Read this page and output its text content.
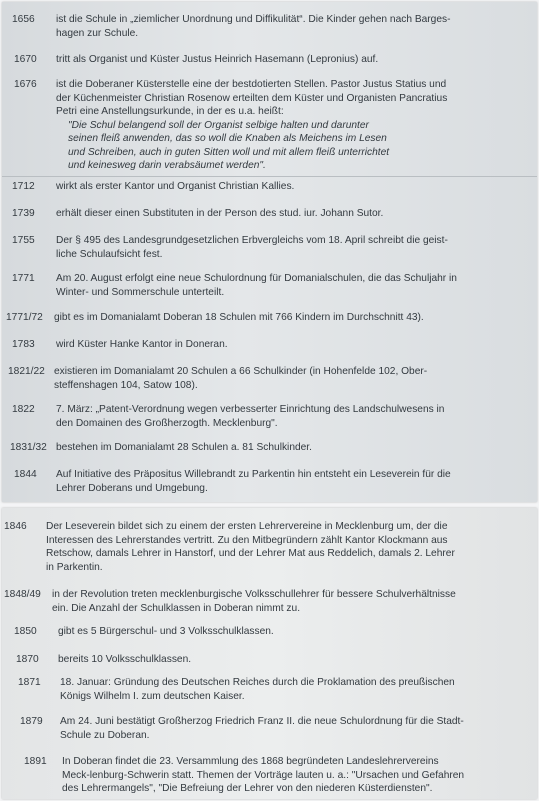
1656 ist die Schule in „ziemlicher Unordnung und Diffikulität“. Die Kinder gehen nach Barges-
hagen zur Schule.
1670 tritt als Organist und Küster Justus Heinrich Hasemann (Lepronius) auf.
1676 ist die Doberaner Küsterstelle eine der bestdotierten Stellen. Pastor Justus Statius und
der Küchenmeister Christian Rosenow erteilten dem Küster und Organisten Pancratius
Petri eine Anstellungsurkunde, in der es u.a. heißt:
"Die Schul belangend soll der Organist selbige halten und darunter
seinen fleiß anwenden, das so woll die Knaben als Meichens im Lesen
und Schreiben, auch in guten Sitten woll und mit allem fleiß unterrichtet
und keinesweg darin verabsäumet werden".
1712 wirkt als erster Kantor und Organist Christian Kallies.
1739 erhält dieser einen Substituten in der Person des stud. iur. Johann Sutor.
1755 Der § 495 des Landesgrundgesetzlichen Erbvergleichs vom 18. April schreibt die geist-
liche Schulaufsicht fest.
1771 Am 20. August erfolgt eine neue Schulordnung für Domanialschulen, die das Schuljahr in
Winter- und Sommerschule unterteilt.
1771/72 gibt es im Domanialamt Doberan 18 Schulen mit 766 Kindern im Durchschnitt 43).
1783 wird Küster Hanke Kantor in Doneran.
1821/22 existieren im Domanialamt 20 Schulen a 66 Schulkinder (in Hohenfelde 102, Ober-
steffenshagen 104, Satow 108).
1822 7. März: „Patent-Verordnung wegen verbesserter Einrichtung des Landschulwesens in
den Domainen des Großherzogth. Mecklenburg".
1831/32 bestehen im Domanialamt 28 Schulen a. 81 Schulkinder.
1844 Auf Initiative des Präpositus Willebrandt zu Parkentin hin entsteht ein Leseverein für die
Lehrer Doberans und Umgebung.
1846 Der Leseverein bildet sich zu einem der ersten Lehrervereine in Mecklenburg um, der die
Interessen des Lehrerstandes vertritt. Zu den Mitbegründern zählt Kantor Klockmann aus
Retschow, damals Lehrer in Hanstorf, und der Lehrer Mat aus Reddelich, damals 2. Lehrer
in Parkentin.
1848/49 in der Revolution treten mecklenburgische Volksschullehrer für bessere Schulverhältnisse
ein. Die Anzahl der Schulklassen in Doberan nimmt zu.
1850 gibt es 5 Bürgerschul- und 3 Volksschulklassen.
1870 bereits 10 Volksschulklassen.
1871 18. Januar: Gründung des Deutschen Reiches durch die Proklamation des preußischen
Königs Wilhelm I. zum deutschen Kaiser.
1879 Am 24. Juni bestätigt Großherzog Friedrich Franz II. die neue Schulordnung für die Stadt-
Schule zu Doberan.
1891 In Doberan findet die 23. Versammlung des 1868 begründeten Landeslehrervereins
Meck-lenburg-Schwerin statt. Themen der Vorträge lauten u. a.: "Ursachen und Gefahren
des Lehrermangels", "Die Befreiung der Lehrer von den niederen Küsterdiensten".
